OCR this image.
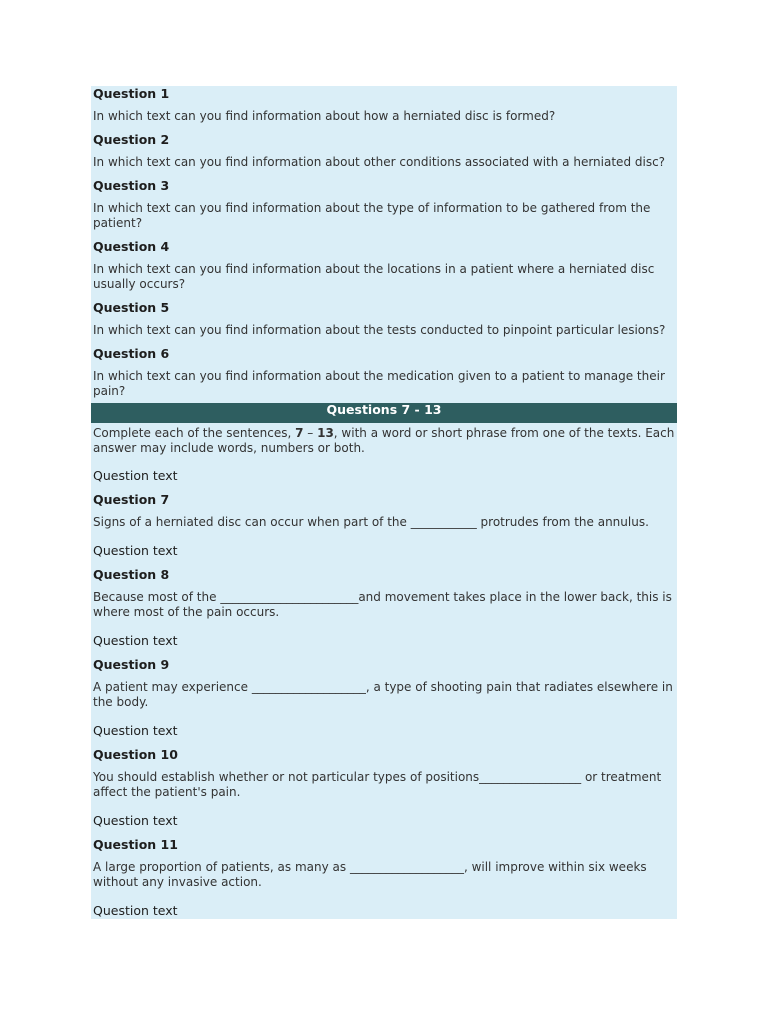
Question 1

In which text can you find information about how a herniated disc is formed?

Question 2

In which text can you find information about other conditions associated with a herniated disc?

Question 3

In which text can you find information about the type of information to be gathered from the patient?

Question 4

In which text can you find information about the locations in a patient where a herniated disc usually occurs?

Question 5

In which text can you find information about the tests conducted to pinpoint particular lesions?

Question 6

In which text can you find information about the medication given to a patient to manage their pain?

Questions 7 - 13

Complete each of the sentences, 7 – 13, with a word or short phrase from one of the texts. Each answer may include words, numbers or both.

Question text

Question 7

Signs of a herniated disc can occur when part of the ___________ protrudes from the annulus.

Question text

Question 8

Because most of the _______________________and movement takes place in the lower back, this is where most of the pain occurs.

Question text

Question 9

A patient may experience ___________________, a type of shooting pain that radiates elsewhere in the body.

Question text

Question 10

You should establish whether or not particular types of positions_________________ or treatment affect the patient's pain.

Question text

Question 11

A large proportion of patients, as many as ___________________, will improve within six weeks without any invasive action.

Question text
